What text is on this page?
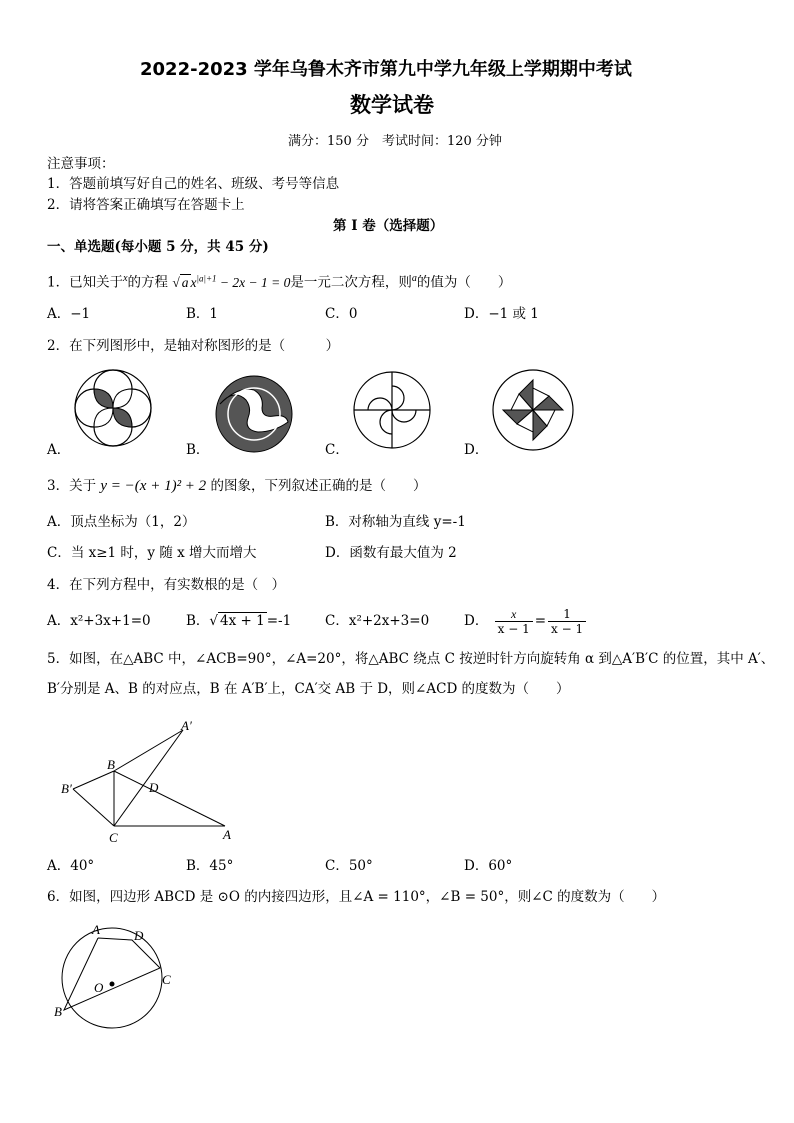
2022-2023 学年乌鲁木齐市第九中学九年级上学期期中考试
数学试卷
满分：150 分　考试时间：120 分钟
注意事项：
1．答题前填写好自己的姓名、班级、考号等信息
2．请将答案正确填写在答题卡上
第 I 卷（选择题）
一、单选题(每小题 5 分，共 45 分)
1．已知关于$^x$的方程 √ a $x^{|a|+1} - 2x - 1 = 0$是一元二次方程，则$^a$的值为（　　）
A．−1	B．1	C．0	D．−1 或 1
2．在下列图形中，是轴对称图形的是（　　　）
A．	B．	C．	D．
3．关于 y = −(x + 1)² + 2 的图象，下列叙述正确的是（　　）
A．顶点坐标为（1，2）	B．对称轴为直线 y=-1
C．当 x≥1 时，y 随 x 增大而增大	D．函数有最大值为 2
4．在下列方程中，有实数根的是（　）
A．x²+3x+1=0	B．√ 4x + 1 =-1	C．x²+2x+3=0	D． $\frac{x}{x - 1} = \frac{1}{x - 1}$
5．如图，在△ABC 中，∠ACB=90°，∠A=20°，将△ABC 绕点 C 按逆时针方向旋转角 α 到△A′B′C 的位置，其中 A′、
B′分别是 A、B 的对应点，B 在 A′B′上，CA′交 AB 于 D，则∠ACD 的度数为（　　）
A′
B
B′	D
C	A
A．40°	B．45°	C．50°	D．60°
6．如图，四边形 ABCD 是 ⊙O 的内接四边形，且∠A = 110°，∠B = 50°，则∠C 的度数为（　　）
A	D
C
O
B
